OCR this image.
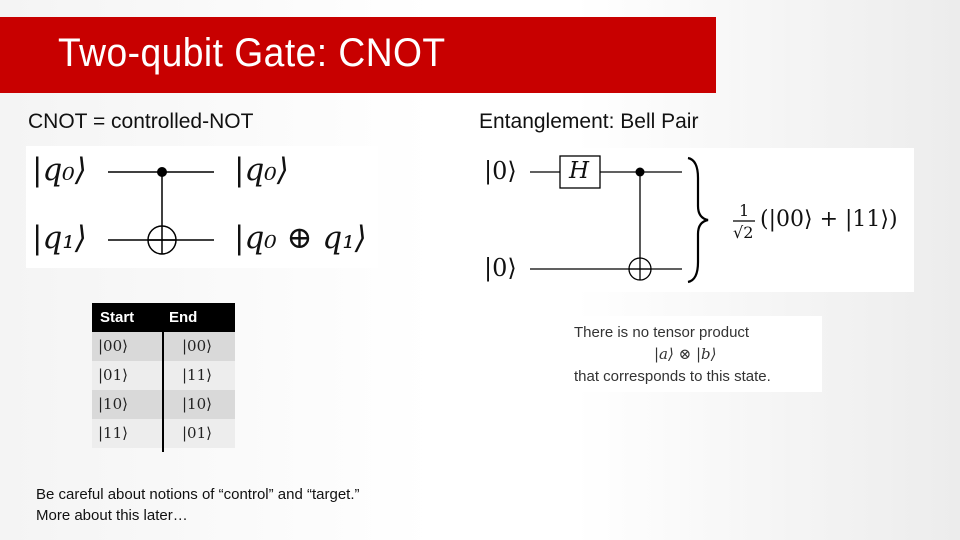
Two-qubit Gate: CNOT
CNOT = controlled-NOT	Entanglement: Bell Pair
|q₀⟩
|q₁⟩
|q₀⟩
|q₀ ⊕ q₁⟩
Start End
|00⟩	|00⟩
|01⟩	|11⟩
|10⟩	|10⟩
|11⟩	|01⟩
|0⟩
|0⟩
H
1
√2
(|00⟩ + |11⟩)
There is no tensor product
|a⟩ ⊗ |b⟩
that corresponds to this state.
Be careful about notions of “control” and “target.”
More about this later…
